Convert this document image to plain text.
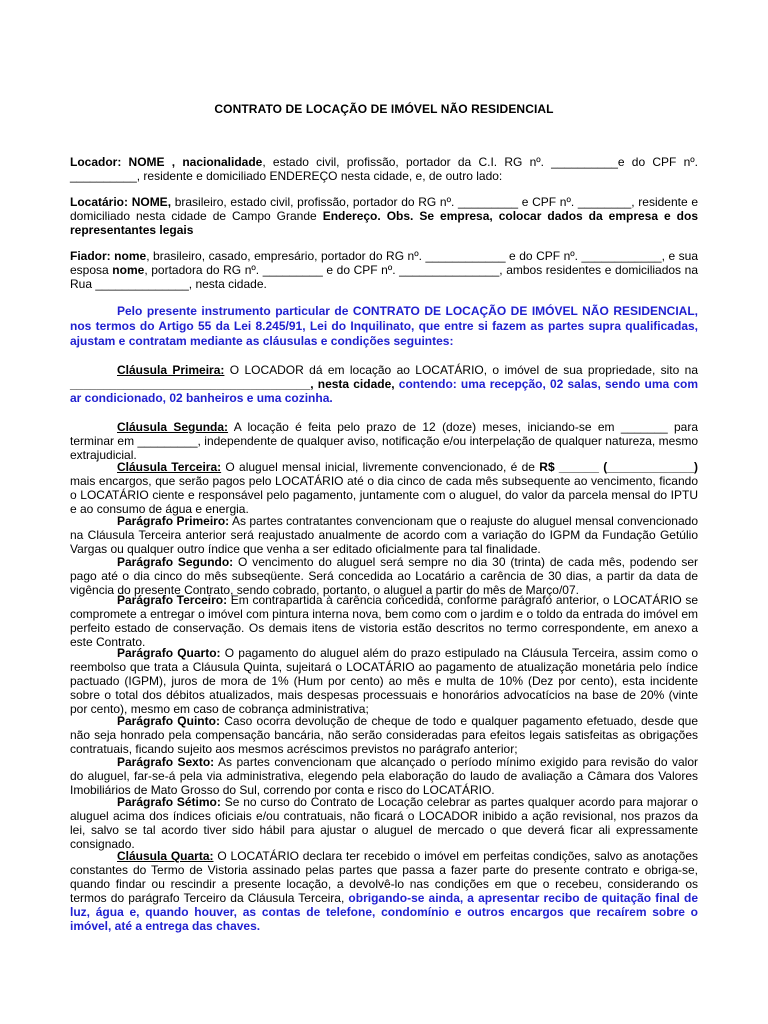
CONTRATO DE LOCAÇÃO DE IMÓVEL NÃO RESIDENCIAL
Locador: NOME , nacionalidade, estado civil, profissão, portador da C.I. RG nº. __________e do CPF nº. __________, residente e domiciliado ENDEREÇO nesta cidade, e, de outro lado:
Locatário: NOME, brasileiro, estado civil, profissão, portador do RG nº. _________ e CPF nº. ________, residente e domiciliado nesta cidade de Campo Grande Endereço. Obs. Se empresa, colocar dados da empresa e dos representantes legais
Fiador: nome, brasileiro, casado, empresário, portador do RG nº. ____________ e do CPF nº. ____________, e sua esposa nome, portadora do RG nº. _________ e do CPF nº. _______________, ambos residentes e domiciliados na Rua ______________, nesta cidade.
Pelo presente instrumento particular de CONTRATO DE LOCAÇÃO DE IMÓVEL NÃO RESIDENCIAL, nos termos do Artigo 55 da Lei 8.245/91, Lei do Inquilinato, que entre si fazem as partes supra qualificadas, ajustam e contratam mediante as cláusulas e condições seguintes:
Cláusula Primeira: O LOCADOR dá em locação ao LOCATÁRIO, o imóvel de sua propriedade, sito na ____________________________________, nesta cidade, contendo: uma recepção, 02 salas, sendo uma com ar condicionado, 02 banheiros e uma cozinha.
Cláusula Segunda: A locação é feita pelo prazo de 12 (doze) meses, iniciando-se em _______ para terminar em _________, independente de qualquer aviso, notificação e/ou interpelação de qualquer natureza, mesmo extrajudicial.
Cláusula Terceira: O aluguel mensal inicial, livremente convencionado, é de R$ ______ (_____________) mais encargos, que serão pagos pelo LOCATÁRIO até o dia cinco de cada mês subsequente ao vencimento, ficando o LOCATÁRIO ciente e responsável pelo pagamento, juntamente com o aluguel, do valor da parcela mensal do IPTU e ao consumo de água e energia.
Parágrafo Primeiro: As partes contratantes convencionam que o reajuste do aluguel mensal convencionado na Cláusula Terceira anterior será reajustado anualmente de acordo com a variação do IGPM da Fundação Getúlio Vargas ou qualquer outro índice que venha a ser editado oficialmente para tal finalidade.
Parágrafo Segundo: O vencimento do aluguel será sempre no dia 30 (trinta) de cada mês, podendo ser pago até o dia cinco do mês subseqüente. Será concedida ao Locatário a carência de 30 dias, a partir da data de vigência do presente Contrato, sendo cobrado, portanto, o aluguel a partir do mês de Março/07.
Parágrafo Terceiro: Em contrapartida à carência concedida, conforme parágrafo anterior, o LOCATÁRIO se compromete a entregar o imóvel com pintura interna nova, bem como com o jardim e o toldo da entrada do imóvel em perfeito estado de conservação. Os demais itens de vistoria estão descritos no termo correspondente, em anexo a este Contrato.
Parágrafo Quarto: O pagamento do aluguel além do prazo estipulado na Cláusula Terceira, assim como o reembolso que trata a Cláusula Quinta, sujeitará o LOCATÁRIO ao pagamento de atualização monetária pelo índice pactuado (IGPM), juros de mora de 1% (Hum por cento) ao mês e multa de 10% (Dez por cento), esta incidente sobre o total dos débitos atualizados, mais despesas processuais e honorários advocatícios na base de 20% (vinte por cento), mesmo em caso de cobrança administrativa;
Parágrafo Quinto: Caso ocorra devolução de cheque de todo e qualquer pagamento efetuado, desde que não seja honrado pela compensação bancária, não serão consideradas para efeitos legais satisfeitas as obrigações contratuais, ficando sujeito aos mesmos acréscimos previstos no parágrafo anterior;
Parágrafo Sexto: As partes convencionam que alcançado o período mínimo exigido para revisão do valor do aluguel, far-se-á pela via administrativa, elegendo pela elaboração do laudo de avaliação a Câmara dos Valores Imobiliários de Mato Grosso do Sul, correndo por conta e risco do LOCATÁRIO.
Parágrafo Sétimo: Se no curso do Contrato de Locação celebrar as partes qualquer acordo para majorar o aluguel acima dos índices oficiais e/ou contratuais, não ficará o LOCADOR inibido a ação revisional, nos prazos da lei, salvo se tal acordo tiver sido hábil para ajustar o aluguel de mercado o que deverá ficar ali expressamente consignado.
Cláusula Quarta: O LOCATÁRIO declara ter recebido o imóvel em perfeitas condições, salvo as anotações constantes do Termo de Vistoria assinado pelas partes que passa a fazer parte do presente contrato e obriga-se, quando findar ou rescindir a presente locação, a devolvê-lo nas condições em que o recebeu, considerando os termos do parágrafo Terceiro da Cláusula Terceira, obrigando-se ainda, a apresentar recibo de quitação final de luz, água e, quando houver, as contas de telefone, condomínio e outros encargos que recaírem sobre o imóvel, até a entrega das chaves.
